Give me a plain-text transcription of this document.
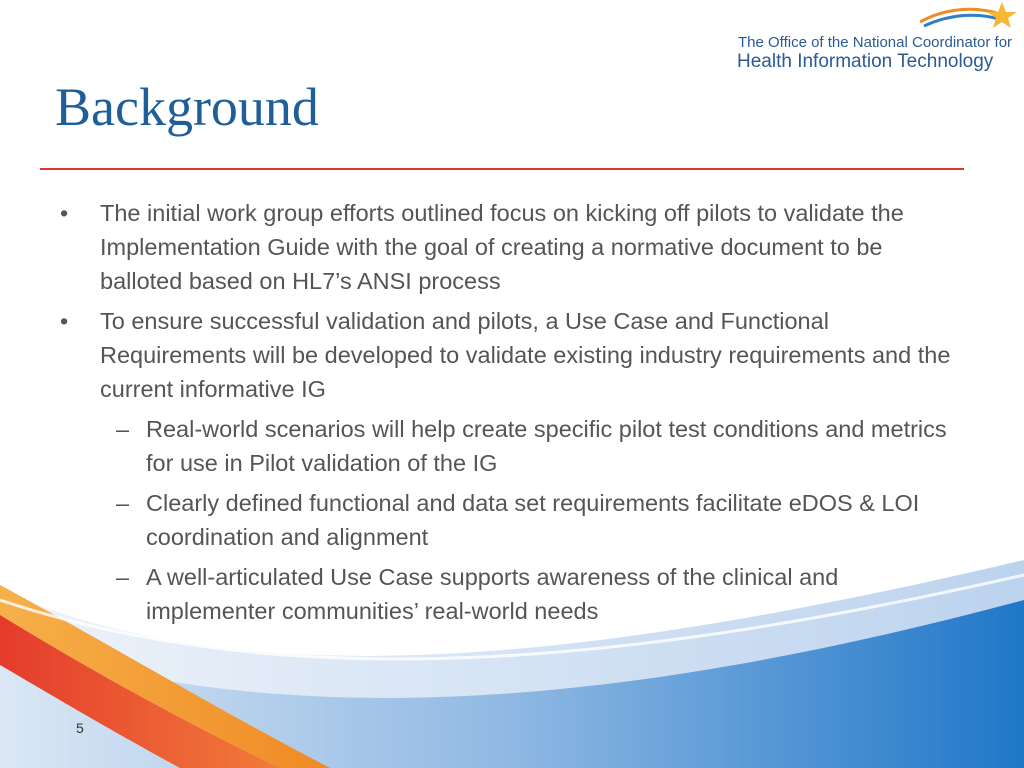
Background
The Office of the National Coordinator for
Health Information Technology
• The initial work group efforts outlined focus on kicking off pilots to validate the Implementation Guide with the goal of creating a normative document to be balloted based on HL7’s ANSI process
• To ensure successful validation and pilots, a Use Case and Functional Requirements will be developed to validate existing industry requirements and the current informative IG
– Real-world scenarios will help create specific pilot test conditions and metrics for use in Pilot validation of the IG
– Clearly defined functional and data set requirements facilitate eDOS & LOI coordination and alignment
– A well-articulated Use Case supports awareness of the clinical and implementer communities’ real-world needs
5
